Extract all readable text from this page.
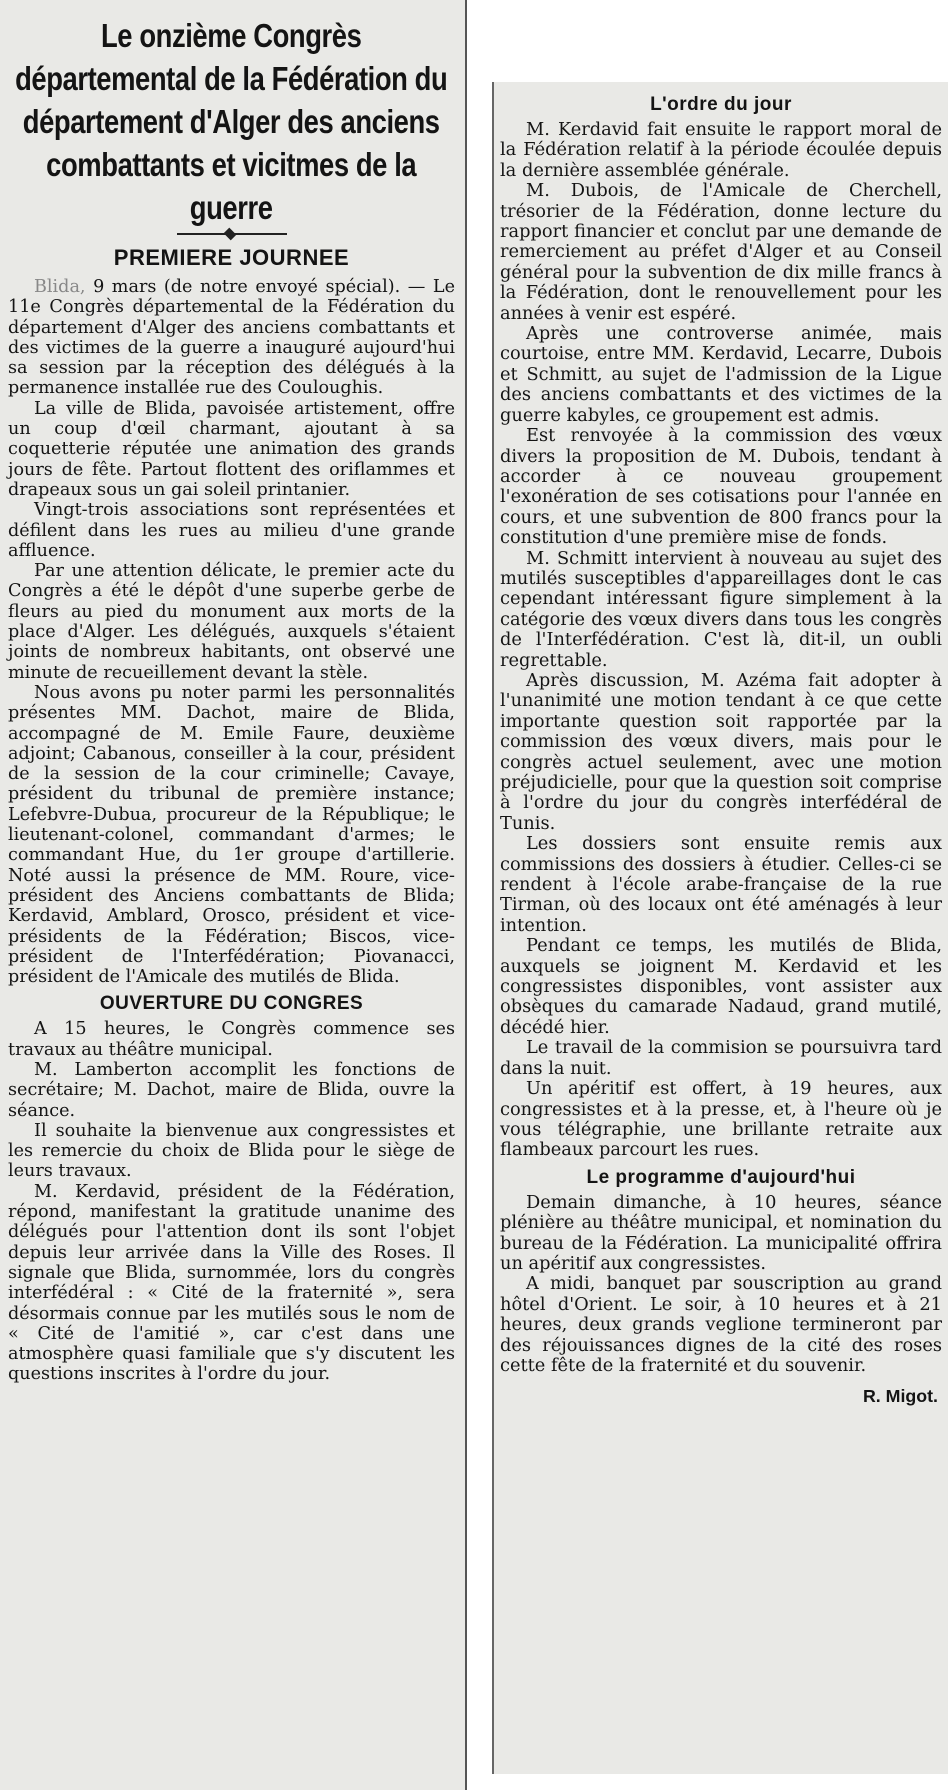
Le onzième Congrès départemental de la Fédération du département d'Alger des anciens combattants et vicitmes de la guerre
PREMIERE JOURNEE

Blida, 9 mars (de notre envoyé spécial). — Le 11e Congrès départemental de la Fédération du département d'Alger des anciens combattants et des victimes de la guerre a inauguré aujourd'hui sa session par la réception des délégués à la permanence installée rue des Couloughis.

La ville de Blida, pavoisée artistement, offre un coup d'œil charmant, ajoutant à sa coquetterie réputée une animation des grands jours de fête. Partout flottent des oriflammes et drapeaux sous un gai soleil printanier.

Vingt-trois associations sont représentées et défilent dans les rues au milieu d'une grande affluence.

Par une attention délicate, le premier acte du Congrès a été le dépôt d'une superbe gerbe de fleurs au pied du monument aux morts de la place d'Alger. Les délégués, auxquels s'étaient joints de nombreux habitants, ont observé une minute de recueillement devant la stèle.

Nous avons pu noter parmi les personnalités présentes MM. Dachot, maire de Blida, accompagné de M. Emile Faure, deuxième adjoint; Cabanous, conseiller à la cour, président de la session de la cour criminelle; Cavaye, président du tribunal de première instance; Lefebvre-Dubua, procureur de la République; le lieutenant-colonel, commandant d'armes; le commandant Hue, du 1er groupe d'artillerie. Noté aussi la présence de MM. Roure, vice-président des Anciens combattants de Blida; Kerdavid, Amblard, Orosco, président et vice-présidents de la Fédération; Biscos, vice-président de l'Interfédération; Piovanacci, président de l'Amicale des mutilés de Blida.

OUVERTURE DU CONGRES

A 15 heures, le Congrès commence ses travaux au théâtre municipal.

M. Lamberton accomplit les fonctions de secrétaire; M. Dachot, maire de Blida, ouvre la séance.

Il souhaite la bienvenue aux congressistes et les remercie du choix de Blida pour le siège de leurs travaux.

M. Kerdavid, président de la Fédération, répond, manifestant la gratitude unanime des délégués pour l'attention dont ils sont l'objet depuis leur arrivée dans la Ville des Roses. Il signale que Blida, surnommée, lors du congrès interfédéral : « Cité de la fraternité », sera désormais connue par les mutilés sous le nom de « Cité de l'amitié », car c'est dans une atmosphère quasi familiale que s'y discutent les questions inscrites à l'ordre du jour.

L'ordre du jour

M. Kerdavid fait ensuite le rapport moral de la Fédération relatif à la période écoulée depuis la dernière assemblée générale.

M. Dubois, de l'Amicale de Cherchell, trésorier de la Fédération, donne lecture du rapport financier et conclut par une demande de remerciement au préfet d'Alger et au Conseil général pour la subvention de dix mille francs à la Fédération, dont le renouvellement pour les années à venir est espéré.

Après une controverse animée, mais courtoise, entre MM. Kerdavid, Lecarre, Dubois et Schmitt, au sujet de l'admission de la Ligue des anciens combattants et des victimes de la guerre kabyles, ce groupement est admis.

Est renvoyée à la commission des vœux divers la proposition de M. Dubois, tendant à accorder à ce nouveau groupement l'exonération de ses cotisations pour l'année en cours, et une subvention de 800 francs pour la constitution d'une première mise de fonds.

M. Schmitt intervient à nouveau au sujet des mutilés susceptibles d'appareillages dont le cas cependant intéressant figure simplement à la catégorie des vœux divers dans tous les congrès de l'Interfédération. C'est là, dit-il, un oubli regrettable.

Après discussion, M. Azéma fait adopter à l'unanimité une motion tendant à ce que cette importante question soit rapportée par la commission des vœux divers, mais pour le congrès actuel seulement, avec une motion préjudicielle, pour que la question soit comprise à l'ordre du jour du congrès interfédéral de Tunis.

Les dossiers sont ensuite remis aux commissions des dossiers à étudier. Celles-ci se rendent à l'école arabe-française de la rue Tirman, où des locaux ont été aménagés à leur intention.

Pendant ce temps, les mutilés de Blida, auxquels se joignent M. Kerdavid et les congressistes disponibles, vont assister aux obsèques du camarade Nadaud, grand mutilé, décédé hier.

Le travail de la commision se poursuivra tard dans la nuit.

Un apéritif est offert, à 19 heures, aux congressistes et à la presse, et, à l'heure où je vous télégraphie, une brillante retraite aux flambeaux parcourt les rues.

Le programme d'aujourd'hui

Demain dimanche, à 10 heures, séance plénière au théâtre municipal, et nomination du bureau de la Fédération. La municipalité offrira un apéritif aux congressistes.

A midi, banquet par souscription au grand hôtel d'Orient. Le soir, à 10 heures et à 21 heures, deux grands veglione termineront par des réjouissances dignes de la cité des roses cette fête de la fraternité et du souvenir.

R. Migot.
